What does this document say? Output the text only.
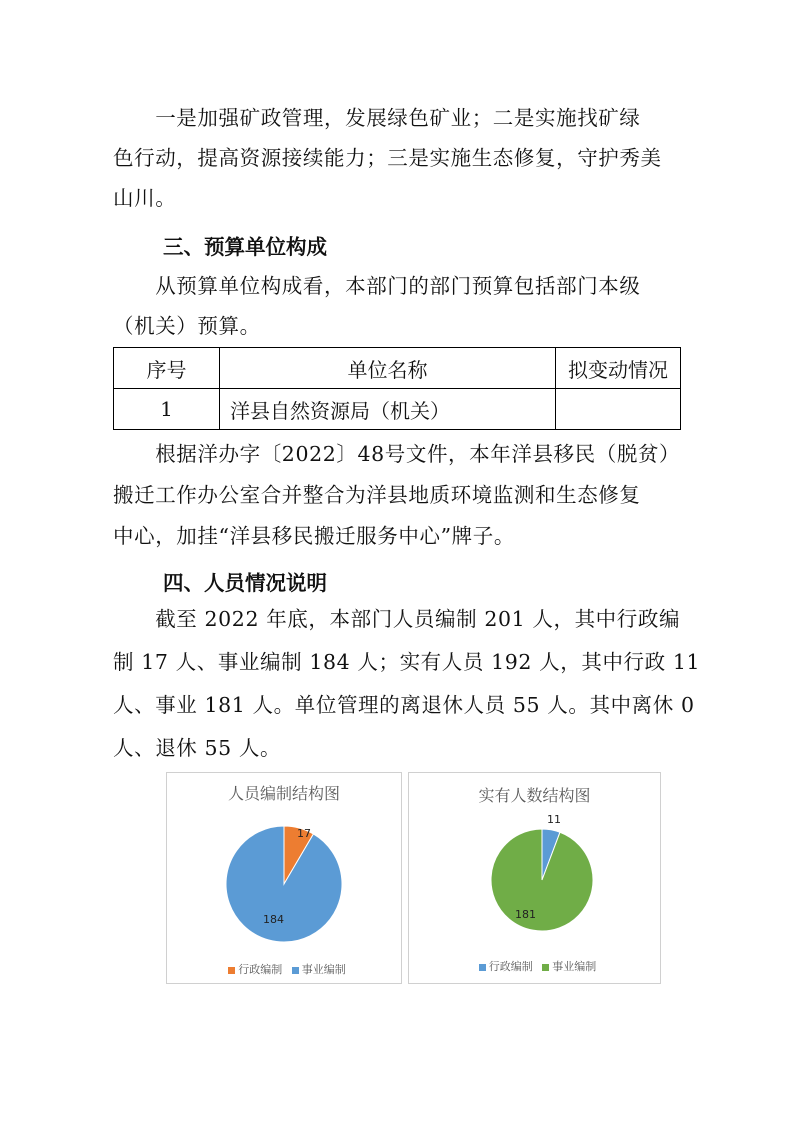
　　一是加强矿政管理，发展绿色矿业；二是实施找矿绿
色行动，提高资源接续能力；三是实施生态修复，守护秀美
山川。
三、预算单位构成
　　从预算单位构成看，本部门的部门预算包括部门本级
（机关）预算。
序号	单位名称	拟变动情况
1	洋县自然资源局（机关）	
　　根据洋办字〔2022〕48号文件，本年洋县移民（脱贫）
搬迁工作办公室合并整合为洋县地质环境监测和生态修复
中心，加挂“洋县移民搬迁服务中心”牌子。
四、人员情况说明
　　截至 2022 年底，本部门人员编制 201 人，其中行政编
制 17 人、事业编制 184 人；实有人员 192 人，其中行政 11
人、事业 181 人。单位管理的离退休人员 55 人。其中离休 0
人、退休 55 人。
人员编制结构图
17
184
行政编制 事业编制
实有人数结构图
11
181
行政编制 事业编制
